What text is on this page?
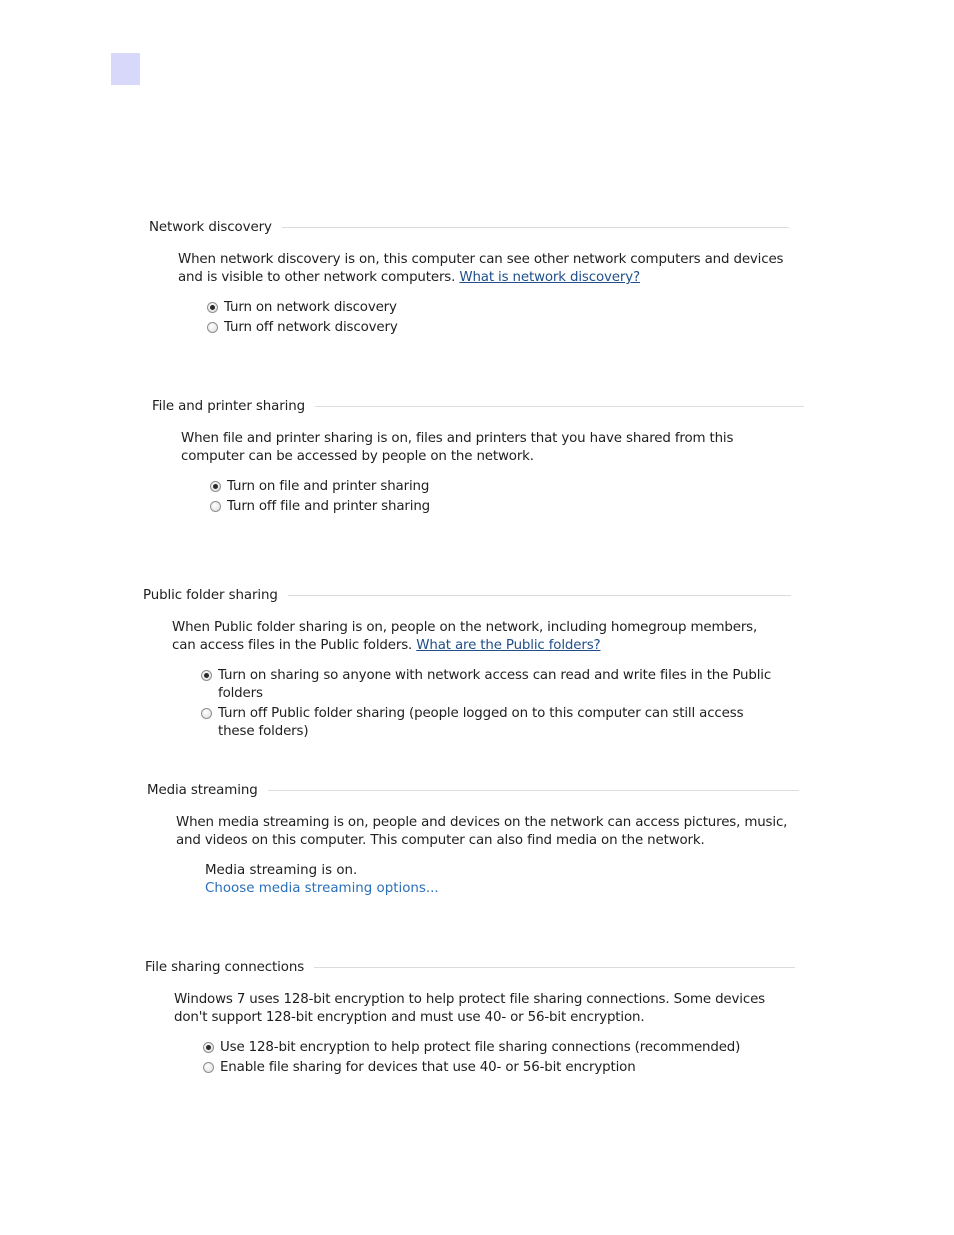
Network discovery
When network discovery is on, this computer can see other network computers and devices and is visible to other network computers. What is network discovery?
Turn on network discovery
Turn off network discovery
File and printer sharing
When file and printer sharing is on, files and printers that you have shared from this computer can be accessed by people on the network.
Turn on file and printer sharing
Turn off file and printer sharing
Public folder sharing
When Public folder sharing is on, people on the network, including homegroup members, can access files in the Public folders. What are the Public folders?
Turn on sharing so anyone with network access can read and write files in the Public folders
Turn off Public folder sharing (people logged on to this computer can still access these folders)
Media streaming
When media streaming is on, people and devices on the network can access pictures, music, and videos on this computer. This computer can also find media on the network.
Media streaming is on.
Choose media streaming options...
File sharing connections
Windows 7 uses 128-bit encryption to help protect file sharing connections. Some devices don't support 128-bit encryption and must use 40- or 56-bit encryption.
Use 128-bit encryption to help protect file sharing connections (recommended)
Enable file sharing for devices that use 40- or 56-bit encryption
